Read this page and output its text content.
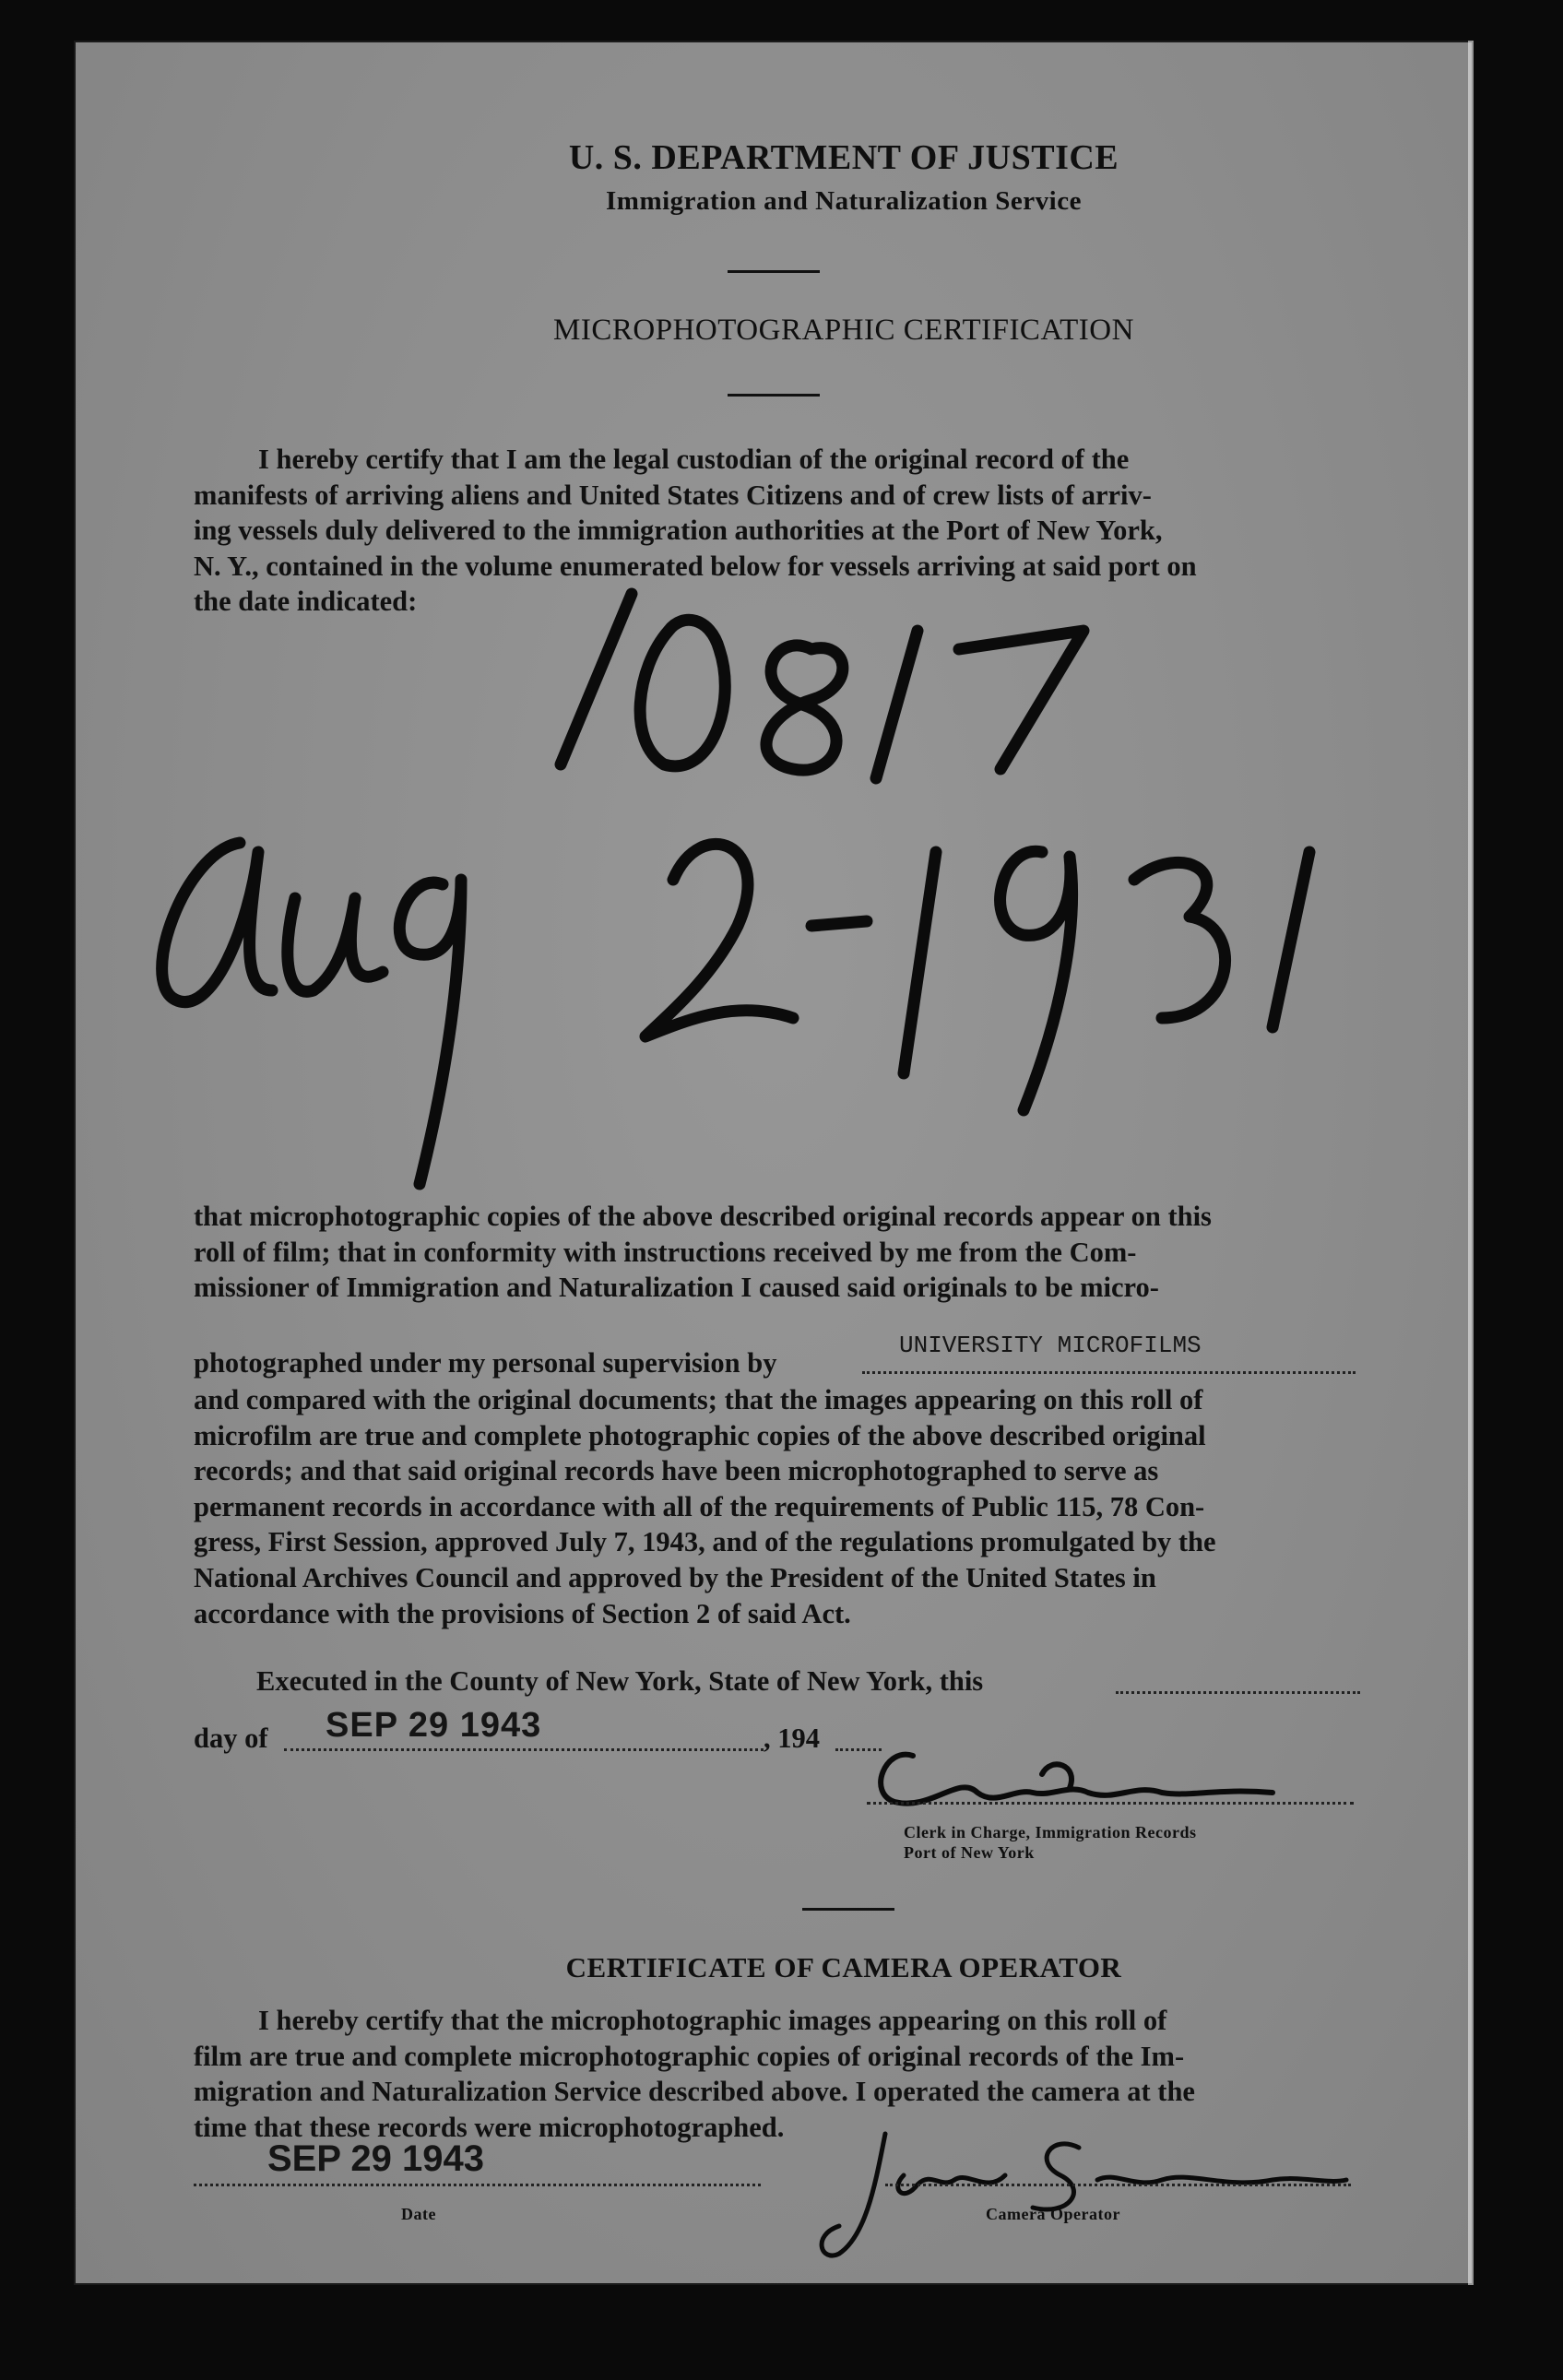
U. S. DEPARTMENT OF JUSTICE
Immigration and Naturalization Service
MICROPHOTOGRAPHIC CERTIFICATION
I hereby certify that I am the legal custodian of the original record of the
manifests of arriving aliens and United States Citizens and of crew lists of arriv-
ing vessels duly delivered to the immigration authorities at the Port of New York,
N. Y., contained in the volume enumerated below for vessels arriving at said port on
the date indicated:
that microphotographic copies of the above described original records appear on this
roll of film; that in conformity with instructions received by me from the Com-
missioner of Immigration and Naturalization I caused said originals to be micro-
photographed under my personal supervision by
UNIVERSITY MICROFILMS
and compared with the original documents; that the images appearing on this roll of
microfilm are true and complete photographic copies of the above described original
records; and that said original records have been microphotographed to serve as
permanent records in accordance with all of the requirements of Public 115, 78 Con-
gress, First Session, approved July 7, 1943, and of the regulations promulgated by the
National Archives Council and approved by the President of the United States in
accordance with the provisions of Section 2 of said Act.
Executed in the County of New York, State of New York, this
day of SEP 29 1943	, 194
Clerk in Charge, Immigration Records
Port of New York
CERTIFICATE OF CAMERA OPERATOR
I hereby certify that the microphotographic images appearing on this roll of
film are true and complete microphotographic copies of original records of the Im-
migration and Naturalization Service described above. I operated the camera at the
time that these records were microphotographed.
SEP 29 1943
Date	Camera Operator
